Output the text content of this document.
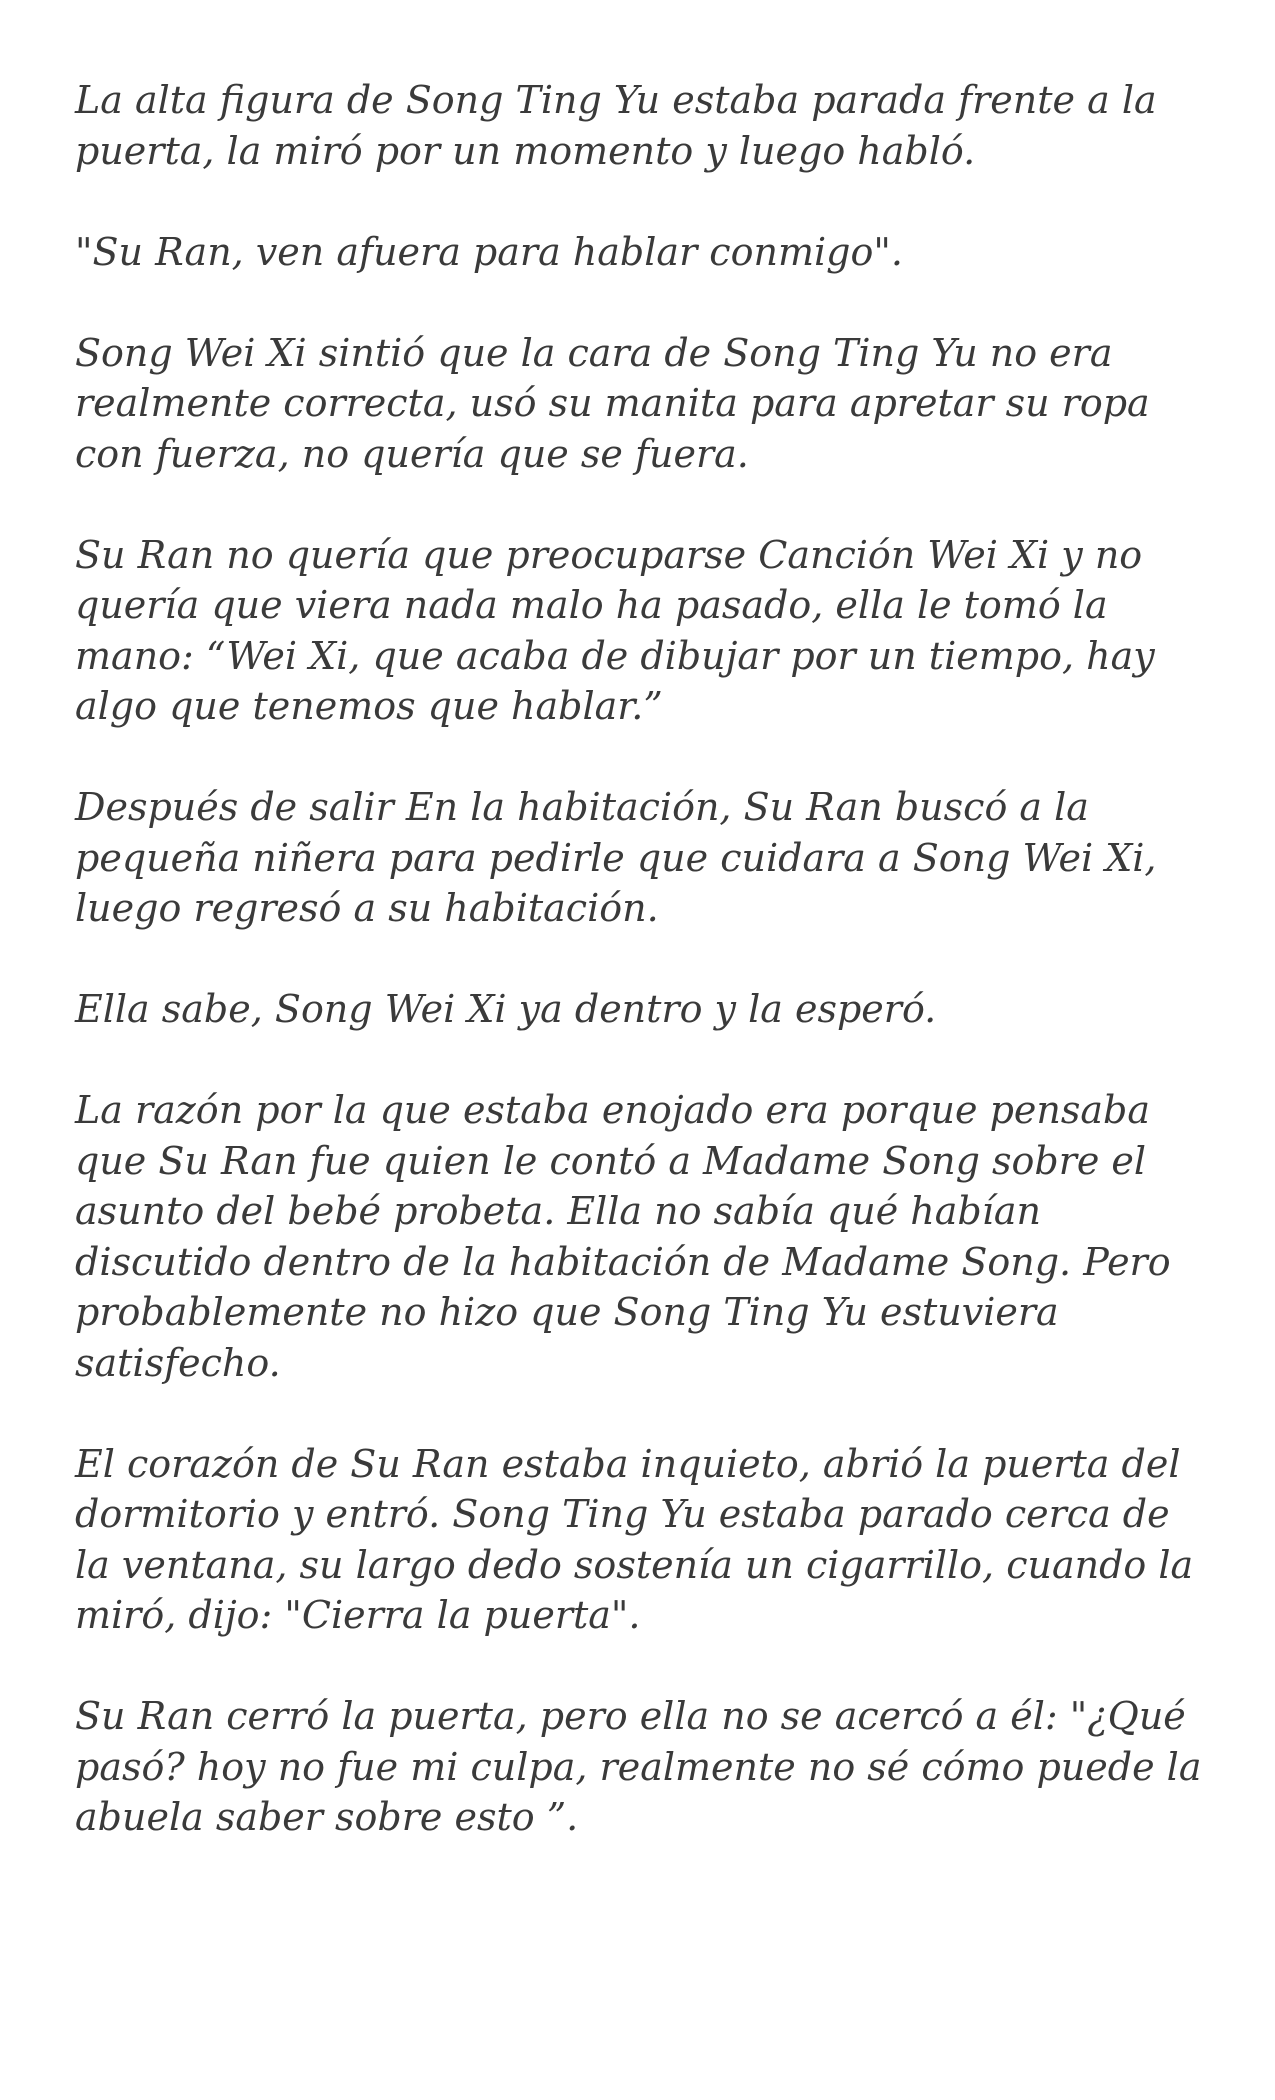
La alta figura de Song Ting Yu estaba parada frente a la puerta, la miró por un momento y luego habló.

"Su Ran, ven afuera para hablar conmigo".

Song Wei Xi sintió que la cara de Song Ting Yu no era realmente correcta, usó su manita para apretar su ropa con fuerza, no quería que se fuera.

Su Ran no quería que preocuparse Canción Wei Xi y no quería que viera nada malo ha pasado, ella le tomó la mano: “Wei Xi, que acaba de dibujar por un tiempo, hay algo que tenemos que hablar.”

Después de salir En la habitación, Su Ran buscó a la pequeña niñera para pedirle que cuidara a Song Wei Xi, luego regresó a su habitación.

Ella sabe, Song Wei Xi ya dentro y la esperó.

La razón por la que estaba enojado era porque pensaba que Su Ran fue quien le contó a Madame Song sobre el asunto del bebé probeta. Ella no sabía qué habían discutido dentro de la habitación de Madame Song. Pero probablemente no hizo que Song Ting Yu estuviera satisfecho.

El corazón de Su Ran estaba inquieto, abrió la puerta del dormitorio y entró. Song Ting Yu estaba parado cerca de la ventana, su largo dedo sostenía un cigarrillo, cuando la miró, dijo: "Cierra la puerta".

Su Ran cerró la puerta, pero ella no se acercó a él: "¿Qué pasó? hoy no fue mi culpa, realmente no sé cómo puede la abuela saber sobre esto ”.
